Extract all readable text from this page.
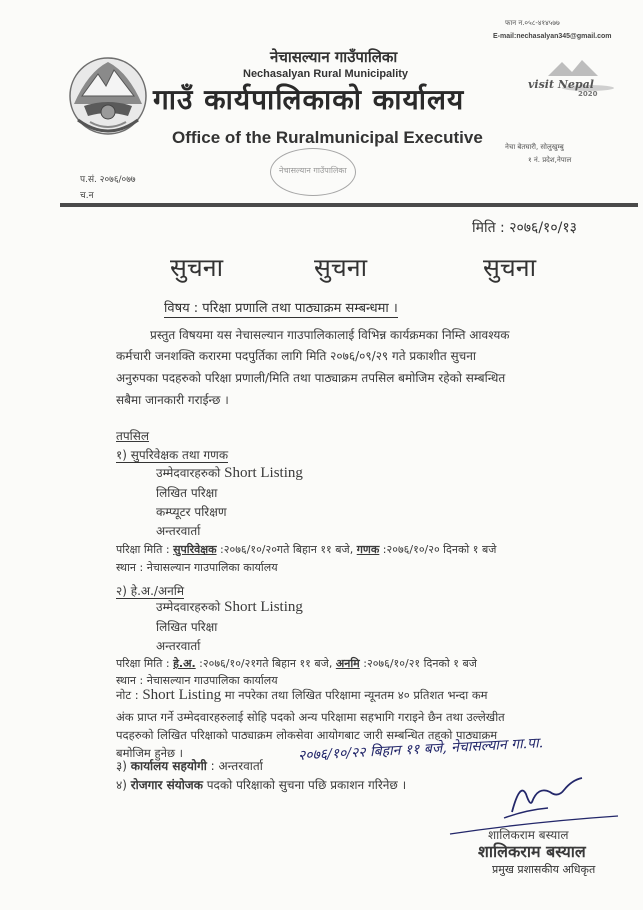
फान न.०५८-४१४५७७
E-mail:nechasalyan345@gmail.com
नेचासल्यान गाउँपालिका
Nechasalyan Rural Municipality
गाउँ कार्यपालिकाको कार्यालय
Office of the Ruralmunicipal Executive
visit Nepal
2020
नेचा बेतघारी, सोलुखुम्बु
१ नं. प्रदेश,नेपाल
प.सं. २०७६/०७७
च.न
नेचासल्यान गाउँपालिका
मिति : २०७६/१०/१३
सुचना	सुचना	सुचना
विषय : परिक्षा प्रणालि तथा पाठ्याक्रम सम्बन्धमा ।
प्रस्तुत विषयमा यस नेचासल्यान गाउपालिकालाई विभिन्न कार्यक्रमका निम्ति आवश्यक
कर्मचारी जनशक्ति करारमा पदपुर्तिका लागि मिति २०७६/०९/२९ गते प्रकाशीत सुचना
अनुरुपका पदहरुको परिक्षा प्रणाली/मिति तथा पाठ्याक्रम तपसिल बमोजिम रहेको सम्बन्धित
सबैमा जानकारी गराईन्छ ।
तपसिल
१) सुपरिवेक्षक तथा गणक
उम्मेदवारहरुको Short Listing
लिखित परिक्षा
कम्प्यूटर परिक्षण
अन्तरवार्ता
परिक्षा मिति : सुपरिवेक्षक :२०७६/१०/२०गते बिहान ११ बजे, गणक :२०७६/१०/२० दिनको १ बजे
स्थान : नेचासल्यान गाउपालिका कार्यालय
२) हे.अ./अनमि
उम्मेदवारहरुको Short Listing
लिखित परिक्षा
अन्तरवार्ता
परिक्षा मिति : हे.अ. :२०७६/१०/२१गते बिहान ११ बजे, अनमि :२०७६/१०/२१ दिनको १ बजे
स्थान : नेचासल्यान गाउपालिका कार्यालय
नोट : Short Listing मा नपरेका तथा लिखित परिक्षामा न्यूनतम ४० प्रतिशत भन्दा कम
अंक प्राप्त गर्ने उम्मेदवारहरुलाई सोहि पदको अन्य परिक्षामा सहभागि गराइने छैन तथा उल्लेखीत
पदहरुको लिखित परिक्षाको पाठ्याक्रम लोकसेवा आयोगबाट जारी सम्बन्धित तहको पाठ्याक्रम
बमोजिम हुनेछ ।
३) कार्यालय सहयोगी : अन्तरवार्ता
२०७६/१०/२२ बिहान ११ बजे, नेचासल्यान गा.पा.
४) रोजगार संयोजक पदको परिक्षाको सुचना पछि प्रकाशन गरिनेछ ।
शालिकराम बस्याल
शालिकराम बस्याल
प्रमुख प्रशासकीय अधिकृत
